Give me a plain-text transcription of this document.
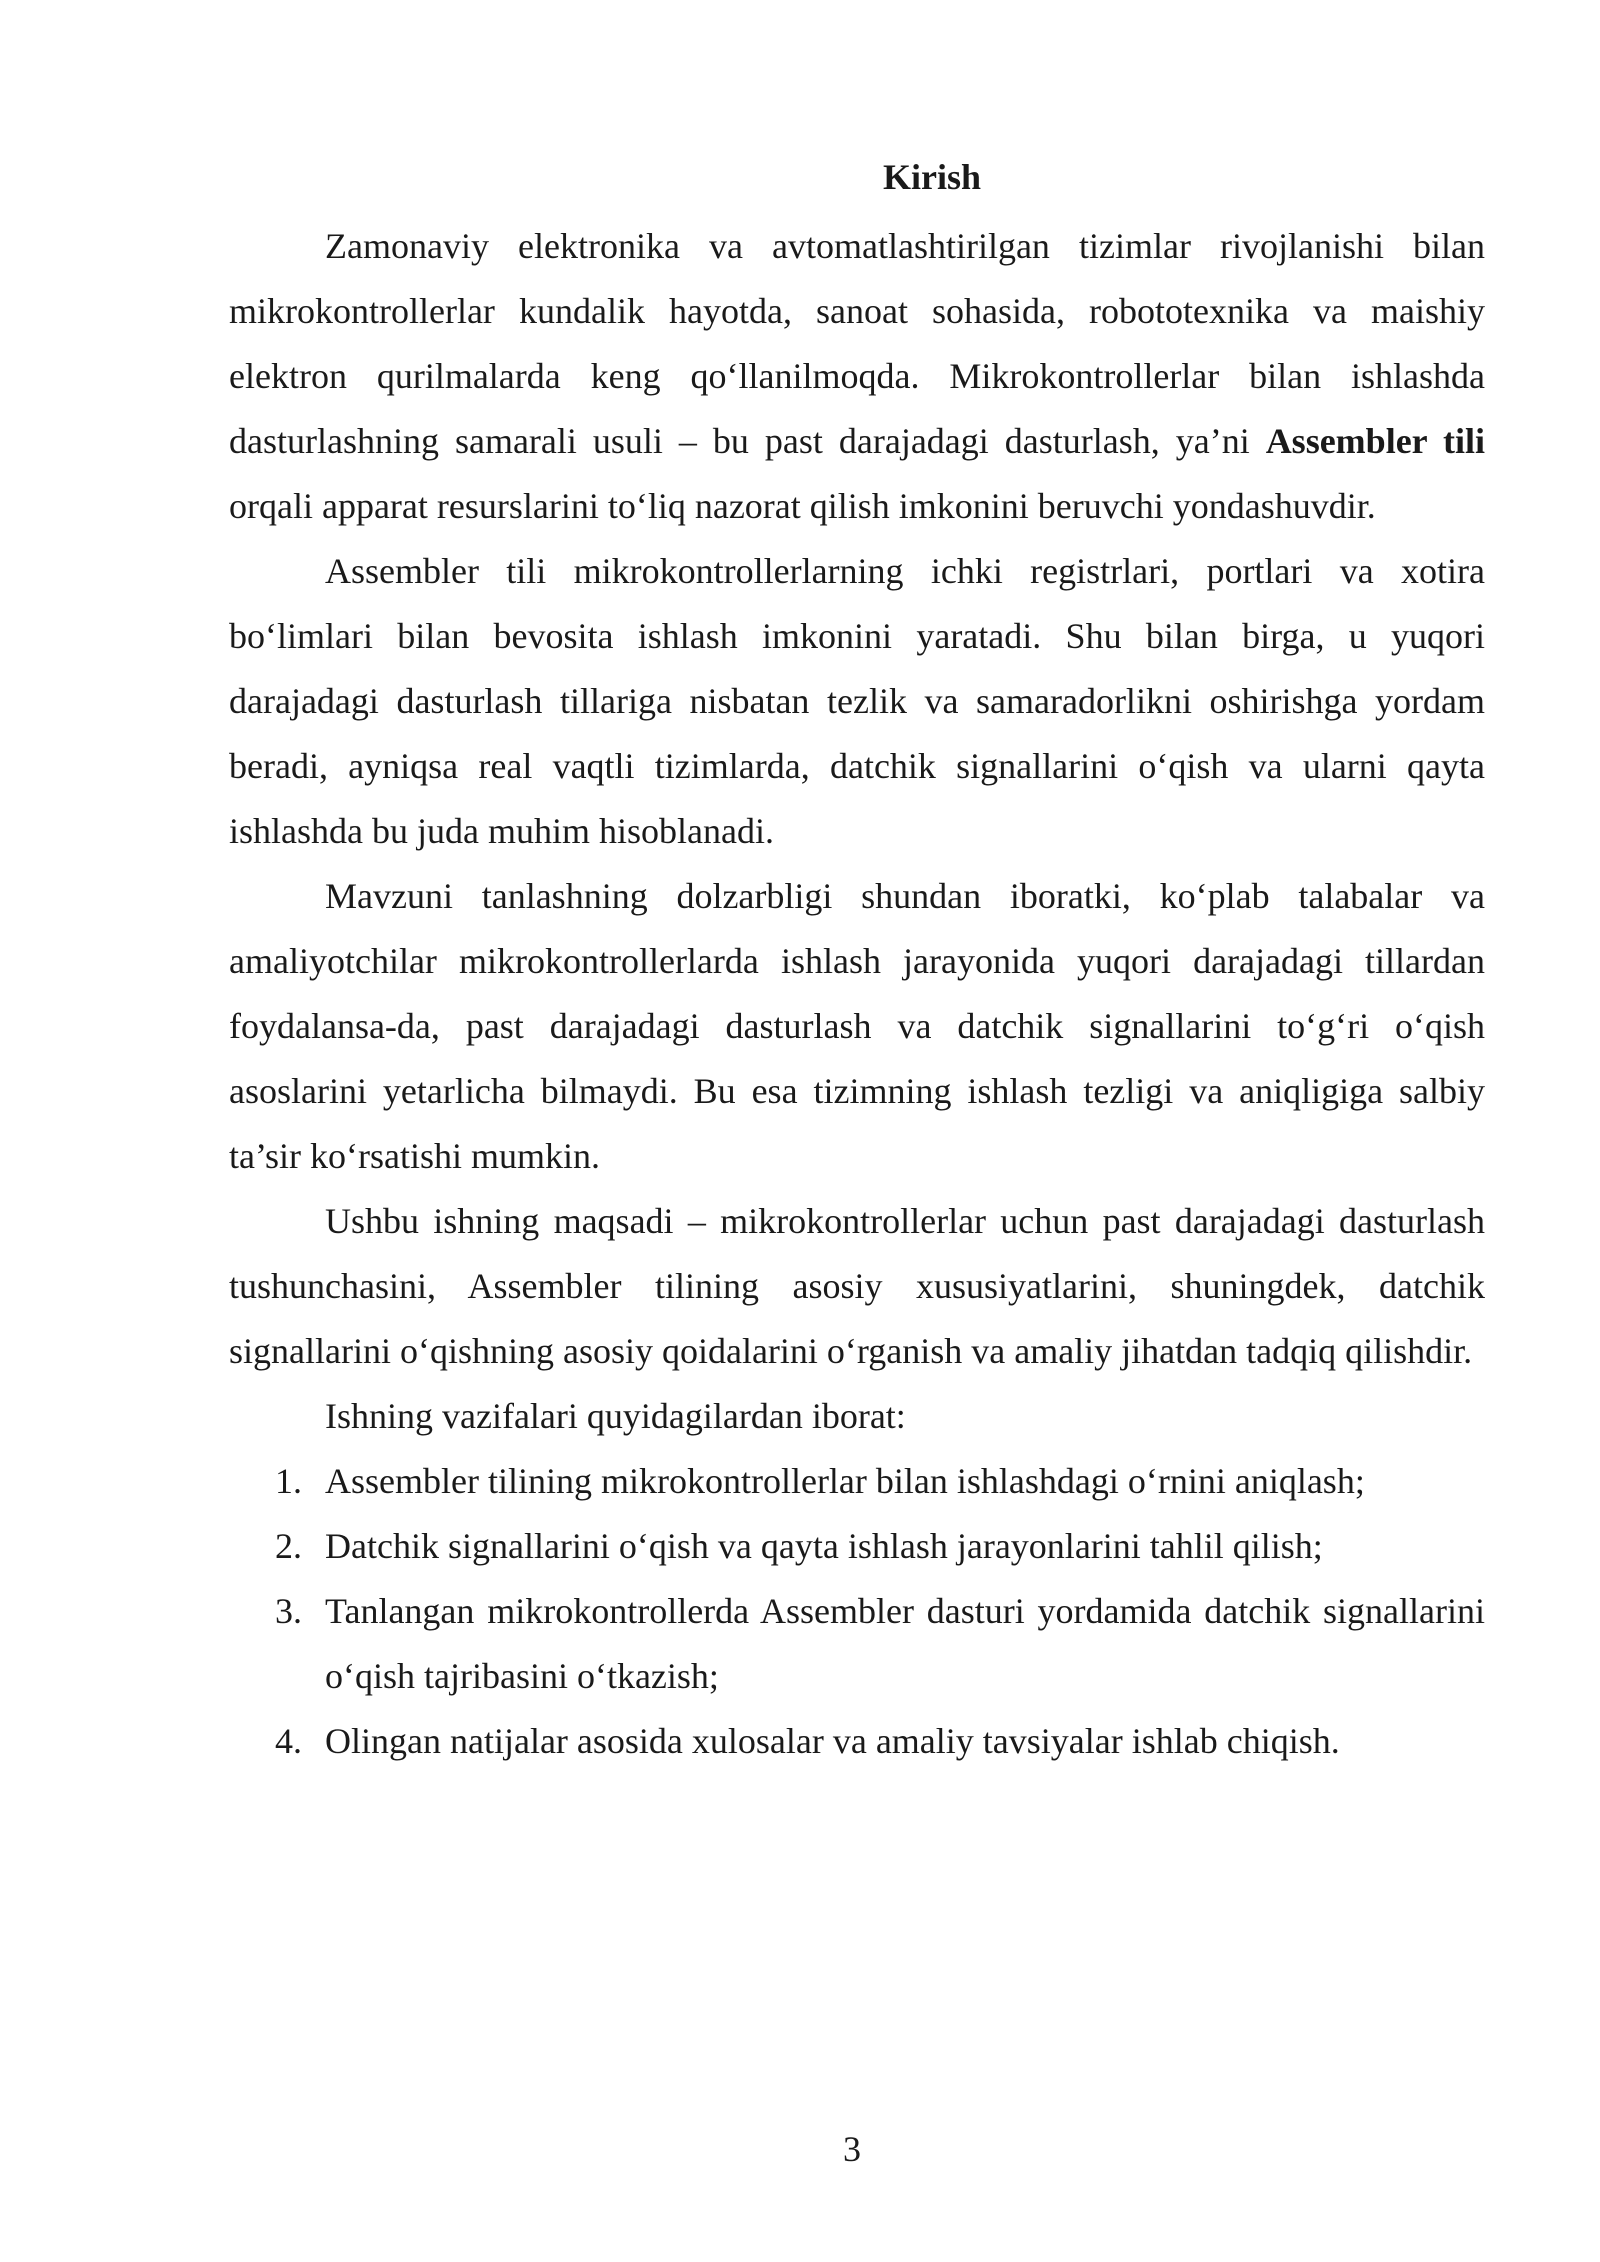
Kirish

Zamonaviy elektronika va avtomatlashtirilgan tizimlar rivojlanishi bilan mikrokontrollerlar kundalik hayotda, sanoat sohasida, robototexnika va maishiy elektron qurilmalarda keng qo‘llanilmoqda. Mikrokontrollerlar bilan ishlashda dasturlashning samarali usuli – bu past darajadagi dasturlash, ya’ni Assembler tili orqali apparat resurslarini to‘liq nazorat qilish imkonini beruvchi yondashuvdir.

Assembler tili mikrokontrollerlarning ichki registrlari, portlari va xotira bo‘limlari bilan bevosita ishlash imkonini yaratadi. Shu bilan birga, u yuqori darajadagi dasturlash tillariga nisbatan tezlik va samaradorlikni oshirishga yordam beradi, ayniqsa real vaqtli tizimlarda, datchik signallarini o‘qish va ularni qayta ishlashda bu juda muhim hisoblanadi.

Mavzuni tanlashning dolzarbligi shundan iboratki, ko‘plab talabalar va amaliyotchilar mikrokontrollerlarda ishlash jarayonida yuqori darajadagi tillardan foydalansa-da, past darajadagi dasturlash va datchik signallarini to‘g‘ri o‘qish asoslarini yetarlicha bilmaydi. Bu esa tizimning ishlash tezligi va aniqligiga salbiy ta’sir ko‘rsatishi mumkin.

Ushbu ishning maqsadi – mikrokontrollerlar uchun past darajadagi dasturlash tushunchasini, Assembler tilining asosiy xususiyatlarini, shuningdek, datchik signallarini o‘qishning asosiy qoidalarini o‘rganish va amaliy jihatdan tadqiq qilishdir.

Ishning vazifalari quyidagilardan iborat:

1. Assembler tilining mikrokontrollerlar bilan ishlashdagi o‘rnini aniqlash;
2. Datchik signallarini o‘qish va qayta ishlash jarayonlarini tahlil qilish;
3. Tanlangan mikrokontrollerda Assembler dasturi yordamida datchik signallarini o‘qish tajribasini o‘tkazish;
4. Olingan natijalar asosida xulosalar va amaliy tavsiyalar ishlab chiqish.
3
